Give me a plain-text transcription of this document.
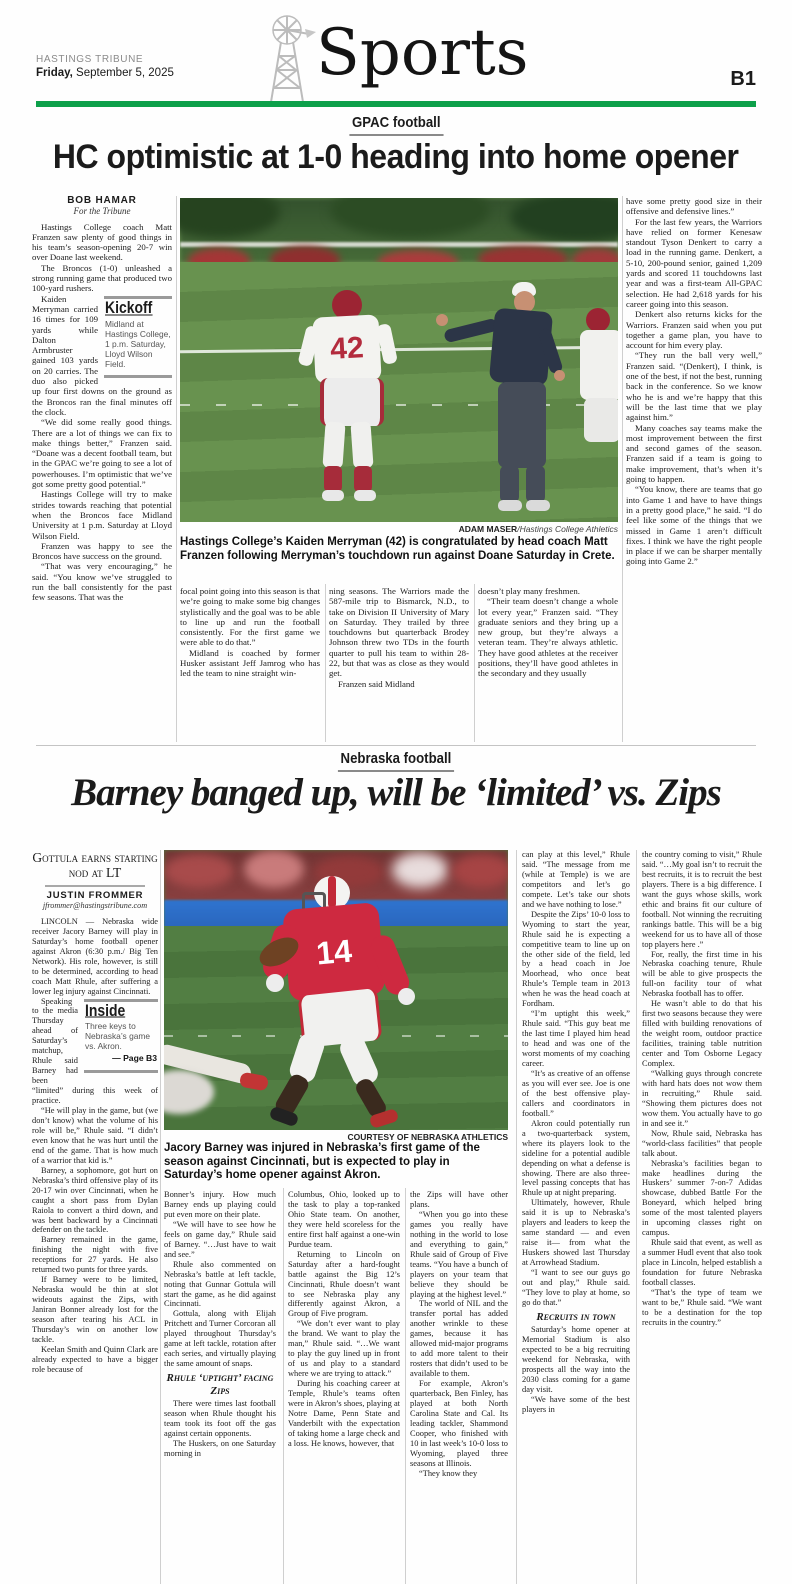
HASTINGS TRIBUNE
Friday, September 5, 2025 Sports	B1
GPAC football
HC optimistic at 1-0 heading into home opener
BOB HAMAR
For the Tribune

Hastings College coach Matt Franzen saw plenty of good things in his team’s season-opening 20-7 win over Doane last weekend.

The Broncos (1-0) unleashed a strong running game that produced two 100-yard rushers.

Kickoff
Midland at Hastings College, 1 p.m. Saturday, Lloyd Wilson Field.

Kaiden Merryman carried 16 times for 109 yards while Dalton Armbruster gained 103 yards on 20 carries. The duo also picked up four first downs on the ground as the Broncos ran the final minutes off the clock.

“We did some really good things. There are a lot of things we can fix to make things better,” Franzen said. “Doane was a decent football team, but in the GPAC we’re going to see a lot of powerhouses. I’m optimistic that we’ve got some pretty good potential.”

Hastings College will try to make strides towards reaching that potential when the Broncos face Midland University at 1 p.m. Saturday at Lloyd Wilson Field.

Franzen was happy to see the Broncos have success on the ground.

“That was very encouraging,” he said. “You know we’ve struggled to run the ball consistently for the past few seasons. That was the

42
ADAM MASER/Hastings College Athletics
Hastings College’s Kaiden Merryman (42) is congratulated by head coach Matt Franzen following Merryman’s touchdown run against Doane Saturday in Crete.

focal point going into this season is that we’re going to make some big changes stylistically and the goal was to be able to line up and run the football consistently. For the first game we were able to do that.”

Midland is coached by former Husker assistant Jeff Jamrog who has led the team to nine straight win-

ning seasons. The Warriors made the 587-mile trip to Bismarck, N.D., to take on Division II University of Mary on Saturday. They trailed by three touchdowns but quarterback Brodey Johnson threw two TDs in the fourth quarter to pull his team to within 28-22, but that was as close as they would get.

Franzen said Midland

doesn’t play many freshmen.

“Their team doesn’t change a whole lot every year,” Franzen said. “They graduate seniors and they bring up a new group, but they’re always a veteran team. They’re always athletic. They have good athletes at the receiver positions, they’ll have good athletes in the secondary and they usually

have some pretty good size in their offensive and defensive lines.”

For the last few years, the Warriors have relied on former Kenesaw standout Tyson Denkert to carry a load in the running game. Denkert, a 5-10, 200-pound senior, gained 1,209 yards and scored 11 touchdowns last year and was a first-team All-GPAC selection. He had 2,618 yards for his career going into this season.

Denkert also returns kicks for the Warriors. Franzen said when you put together a game plan, you have to account for him every play.

“They run the ball very well,” Franzen said. “(Denkert), I think, is one of the best, if not the best, running back in the conference. So we know who he is and we’re happy that this will be the last time that we play against him.”

Many coaches say teams make the most improvement between the first and second games of the season. Franzen said if a team is going to make improvement, that’s when it’s going to happen.

“You know, there are teams that go into Game 1 and have to have things in a pretty good place,” he said. “I do feel like some of the things that we missed in Game 1 aren’t difficult fixes. I think we have the right people in place if we can be sharper mentally going into Game 2.”

Nebraska football
Barney banged up, will be ‘limited’ vs. Zips
Gottula earns starting nod at LT
JUSTIN FROMMER
jfrommer@hastingstribune.com

LINCOLN — Nebraska wide receiver Jacory Barney will play in Saturday’s home football opener against Akron (6:30 p.m./ Big Ten Network). His role, however, is still to be determined, according to head coach Matt Rhule, after suffering a lower leg injury against Cincinnati.

Inside
Three keys to Nebraska’s game vs. Akron.
— Page B3

Speaking to the media Thursday ahead of Saturday’s matchup, Rhule said Barney had been “limited” during this week of practice.

“He will play in the game, but (we don’t know) what the volume of his role will be,” Rhule said. “I didn’t even know that he was hurt until the end of the game. That is how much of a warrior that kid is.”

Barney, a sophomore, got hurt on Nebraska’s third offensive play of its 20-17 win over Cincinnati, when he caught a short pass from Dylan Raiola to convert a third down, and was bent backward by a Cincinnati defender on the tackle.

Barney remained in the game, finishing the night with five receptions for 27 yards. He also returned two punts for three yards.

If Barney were to be limited, Nebraska would be thin at slot wideouts against the Zips, with Janiran Bonner already lost for the season after tearing his ACL in Thursday’s win on another low tackle.

Keelan Smith and Quinn Clark are already expected to have a bigger role because of

14
COURTESY OF NEBRASKA ATHLETICS
Jacory Barney was injured in Nebraska’s first game of the season against Cincinnati, but is expected to play in Saturday’s home opener against Akron.

Bonner’s injury. How much Barney ends up playing could put even more on their plate.

“We will have to see how he feels on game day,” Rhule said of Barney. “…Just have to wait and see.”

Rhule also commented on Nebraska’s battle at left tackle, noting that Gunnar Gottula will start the game, as he did against Cincinnati.

Gottula, along with Elijah Pritchett and Turner Corcoran all played throughout Thursday’s game at left tackle, rotation after each series, and virtually playing the same amount of snaps.

Rhule ‘uptight’ facing Zips

There were times last football season when Rhule thought his team took its foot off the gas against certain opponents.

The Huskers, on one Saturday morning in

Columbus, Ohio, looked up to the task to play a top-ranked Ohio State team. On another, they were held scoreless for the entire first half against a one-win Purdue team.

Returning to Lincoln on Saturday after a hard-fought battle against the Big 12’s Cincinnati, Rhule doesn’t want to see Nebraska play any differently against Akron, a Group of Five program.

“We don’t ever want to play the brand. We want to play the man,” Rhule said. “…We want to play the guy lined up in front of us and play to a standard where we are trying to attack.”

During his coaching career at Temple, Rhule’s teams often were in Akron’s shoes, playing at Notre Dame, Penn State and Vanderbilt with the expectation of taking home a large check and a loss. He knows, however, that

the Zips will have other plans.

“When you go into these games you really have nothing in the world to lose and everything to gain,” Rhule said of Group of Five teams. “You have a bunch of players on your team that believe they should be playing at the highest level.”

The world of NIL and the transfer portal has added another wrinkle to these games, because it has allowed mid-major programs to add more talent to their rosters that didn’t used to be available to them.

For example, Akron’s quarterback, Ben Finley, has played at both North Carolina State and Cal. Its leading tackler, Shammond Cooper, who finished with 10 in last week’s 10-0 loss to Wyoming, played three seasons at Illinois.

“They know they

can play at this level,” Rhule said. “The message from me (while at Temple) is we are competitors and let’s go compete. Let’s take our shots and we have nothing to lose.”

Despite the Zips’ 10-0 loss to Wyoming to start the year, Rhule said he is expecting a competitive team to line up on the other side of the field, led by a head coach in Joe Moorhead, who once beat Rhule’s Temple team in 2013 when he was the head coach at Fordham.

“I’m uptight this week,” Rhule said. “This guy beat me the last time I played him head to head and was one of the worst moments of my coaching career.

“It’s as creative of an offense as you will ever see. Joe is one of the best offensive play-callers and coordinators in football.”

Akron could potentially run a two-quarterback system, where its players look to the sideline for a potential audible depending on what a defense is showing. There are also three-level passing concepts that has Rhule up at night preparing.

Ultimately, however, Rhule said it is up to Nebraska’s players and leaders to keep the same standard — and even raise it— from what the Huskers showed last Thursday at Arrowhead Stadium.

“I want to see our guys go out and play,” Rhule said. “They love to play at home, so go do that.”

Recruits in town

Saturday’s home opener at Memorial Stadium is also expected to be a big recruiting weekend for Nebraska, with prospects all the way into the 2030 class coming for a game day visit.

“We have some of the best players in

the country coming to visit,” Rhule said. “…My goal isn’t to recruit the best recruits, it is to recruit the best players. There is a big difference. I want the guys whose skills, work ethic and brains fit our culture of football. Not winning the recruiting rankings battle. This will be a big weekend for us to have all of those top players here .”

For, really, the first time in his Nebraska coaching tenure, Rhule will be able to give prospects the full-on facility tour of what Nebraska football has to offer.

He wasn’t able to do that his first two seasons because they were filled with building renovations of the weight room, outdoor practice facilities, training table nutrition center and Tom Osborne Legacy Complex.

“Walking guys through concrete with hard hats does not wow them in recruiting,” Rhule said. “Showing them pictures does not wow them. You actually have to go in and see it.”

Now, Rhule said, Nebraska has “world-class facilities” that people talk about.

Nebraska’s facilities began to make headlines during the Huskers’ summer 7-on-7 Adidas showcase, dubbed Battle For the Boneyard, which helped bring some of the most talented players in upcoming classes right on campus.

Rhule said that event, as well as a summer Hudl event that also took place in Lincoln, helped establish a foundation for future Nebraska football classes.

“That’s the type of team we want to be,” Rhule said. “We want to be a destination for the top recruits in the country.”
